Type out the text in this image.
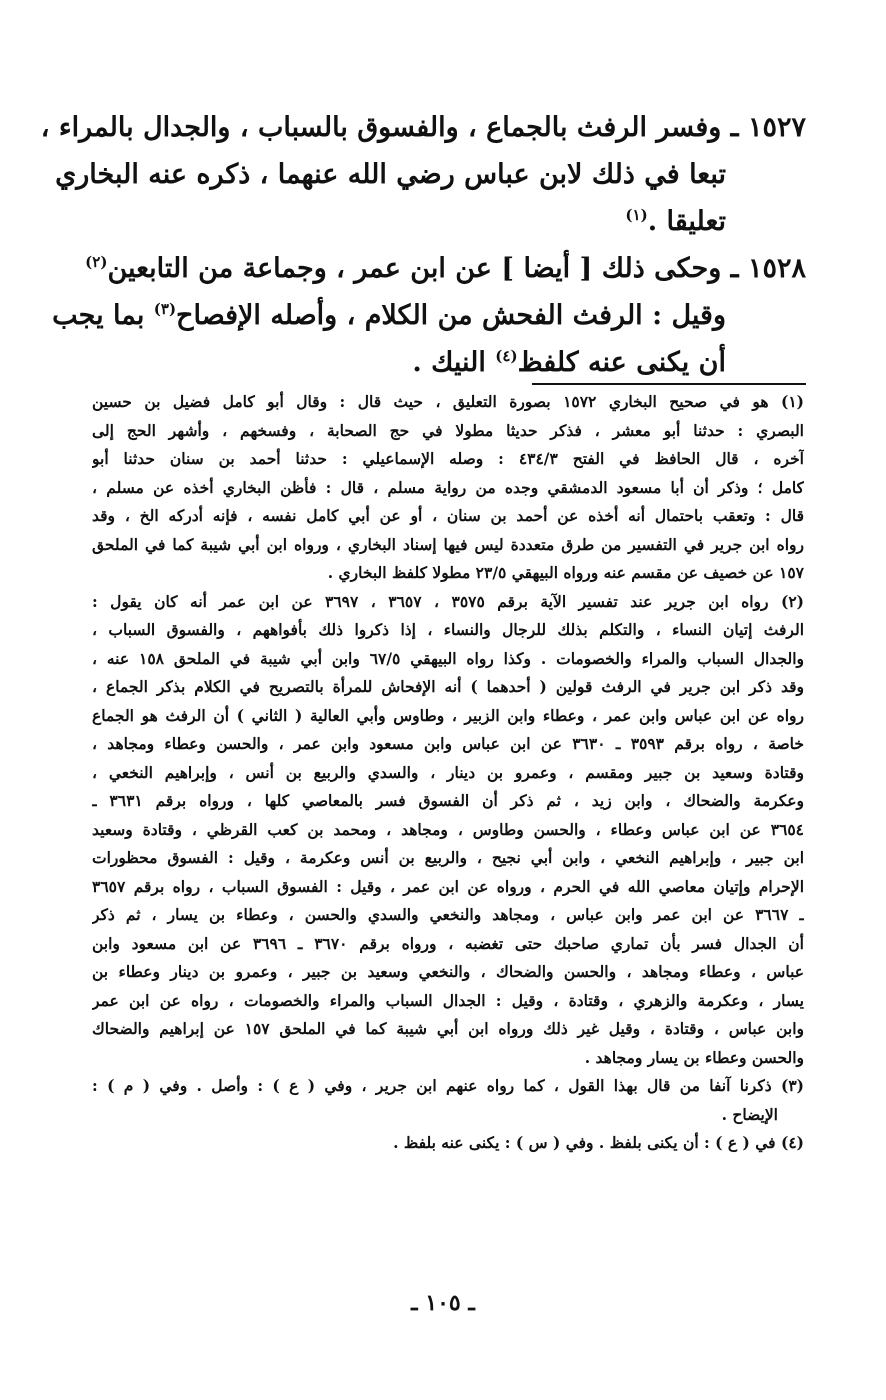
١٥٢٧ ـ وفسر الرفث بالجماع ، والفسوق بالسباب ، والجدال بالمراء ،
تبعا في ذلك لابن عباس رضي الله عنهما ، ذكره عنه البخاري
تعليقا .$^{(١)}$
١٥٢٨ ـ وحكى ذلك [ أيضا ] عن ابن عمر ، وجماعة من التابعين$^{(٢)}$
وقيل : الرفث الفحش من الكلام ، وأصله الإفصاح$^{(٣)}$ بما يجب
أن يكنى عنه كلفظ$^{(٤)}$ النيك .
(١) هو في صحيح البخاري ١٥٧٢ بصورة التعليق ، حيث قال : وقال أبو كامل فضيل بن حسين
البصري : حدثنا أبو معشر ، فذكر حديثا مطولا في حج الصحابة ، وفسخهم ، وأشهر الحج إلى
آخره ، قال الحافظ في الفتح ٤٣٤/٣ : وصله الإسماعيلي : حدثنا أحمد بن سنان حدثنا أبو
كامل ؛ وذكر أن أبا مسعود الدمشقي وجده من رواية مسلم ، قال : فأظن البخاري أخذه عن مسلم ،
قال : وتعقب باحتمال أنه أخذه عن أحمد بن سنان ، أو عن أبي كامل نفسه ، فإنه أدركه الخ ، وقد
رواه ابن جرير في التفسير من طرق متعددة ليس فيها إسناد البخاري ، ورواه ابن أبي شيبة كما في الملحق
١٥٧ عن خصيف عن مقسم عنه ورواه البيهقي ٢٣/٥ مطولا كلفظ البخاري .
(٢) رواه ابن جرير عند تفسير الآية برقم ٣٥٧٥ ، ٣٦٥٧ ، ٣٦٩٧ عن ابن عمر أنه كان يقول :
الرفث إتيان النساء ، والتكلم بذلك للرجال والنساء ، إذا ذكروا ذلك بأفواههم ، والفسوق السباب ،
والجدال السباب والمراء والخصومات . وكذا رواه البيهقي ٦٧/٥ وابن أبي شيبة في الملحق ١٥٨ عنه ،
وقد ذكر ابن جرير في الرفث قولين ( أحدهما ) أنه الإفحاش للمرأة بالتصريح في الكلام بذكر الجماع ،
رواه عن ابن عباس وابن عمر ، وعطاء وابن الزبير ، وطاوس وأبي العالية ( الثاني ) أن الرفث هو الجماع
خاصة ، رواه برقم ٣٥٩٣ ـ ٣٦٣٠ عن ابن عباس وابن مسعود وابن عمر ، والحسن وعطاء ومجاهد ،
وقتادة وسعيد بن جبير ومقسم ، وعمرو بن دينار ، والسدي والربيع بن أنس ، وإبراهيم النخعي ،
وعكرمة والضحاك ، وابن زيد ، ثم ذكر أن الفسوق فسر بالمعاصي كلها ، ورواه برقم ٣٦٣١ ـ
٣٦٥٤ عن ابن عباس وعطاء ، والحسن وطاوس ، ومجاهد ، ومحمد بن كعب القرظي ، وقتادة وسعيد
ابن جبير ، وإبراهيم النخعي ، وابن أبي نجيح ، والربيع بن أنس وعكرمة ، وقيل : الفسوق محظورات
الإحرام وإتيان معاصي الله في الحرم ، ورواه عن ابن عمر ، وقيل : الفسوق السباب ، رواه برقم ٣٦٥٧
ـ ٣٦٦٧ عن ابن عمر وابن عباس ، ومجاهد والنخعي والسدي والحسن ، وعطاء بن يسار ، ثم ذكر
أن الجدال فسر بأن تماري صاحبك حتى تغضبه ، ورواه برقم ٣٦٧٠ ـ ٣٦٩٦ عن ابن مسعود وابن
عباس ، وعطاء ومجاهد ، والحسن والضحاك ، والنخعي وسعيد بن جبير ، وعمرو بن دينار وعطاء بن
يسار ، وعكرمة والزهري ، وقتادة ، وقيل : الجدال السباب والمراء والخصومات ، رواه عن ابن عمر
وابن عباس ، وقتادة ، وقيل غير ذلك ورواه ابن أبي شيبة كما في الملحق ١٥٧ عن إبراهيم والضحاك
والحسن وعطاء بن يسار ومجاهد .
(٣) ذكرنا آنفا من قال بهذا القول ، كما رواه عنهم ابن جرير ، وفي ( ع ) : وأصل . وفي ( م ) :
الإيضاح .
(٤) في ( ع ) : أن يكنى بلفظ . وفي ( س ) : يكنى عنه بلفظ .
ـ ١٠٥ ـ
